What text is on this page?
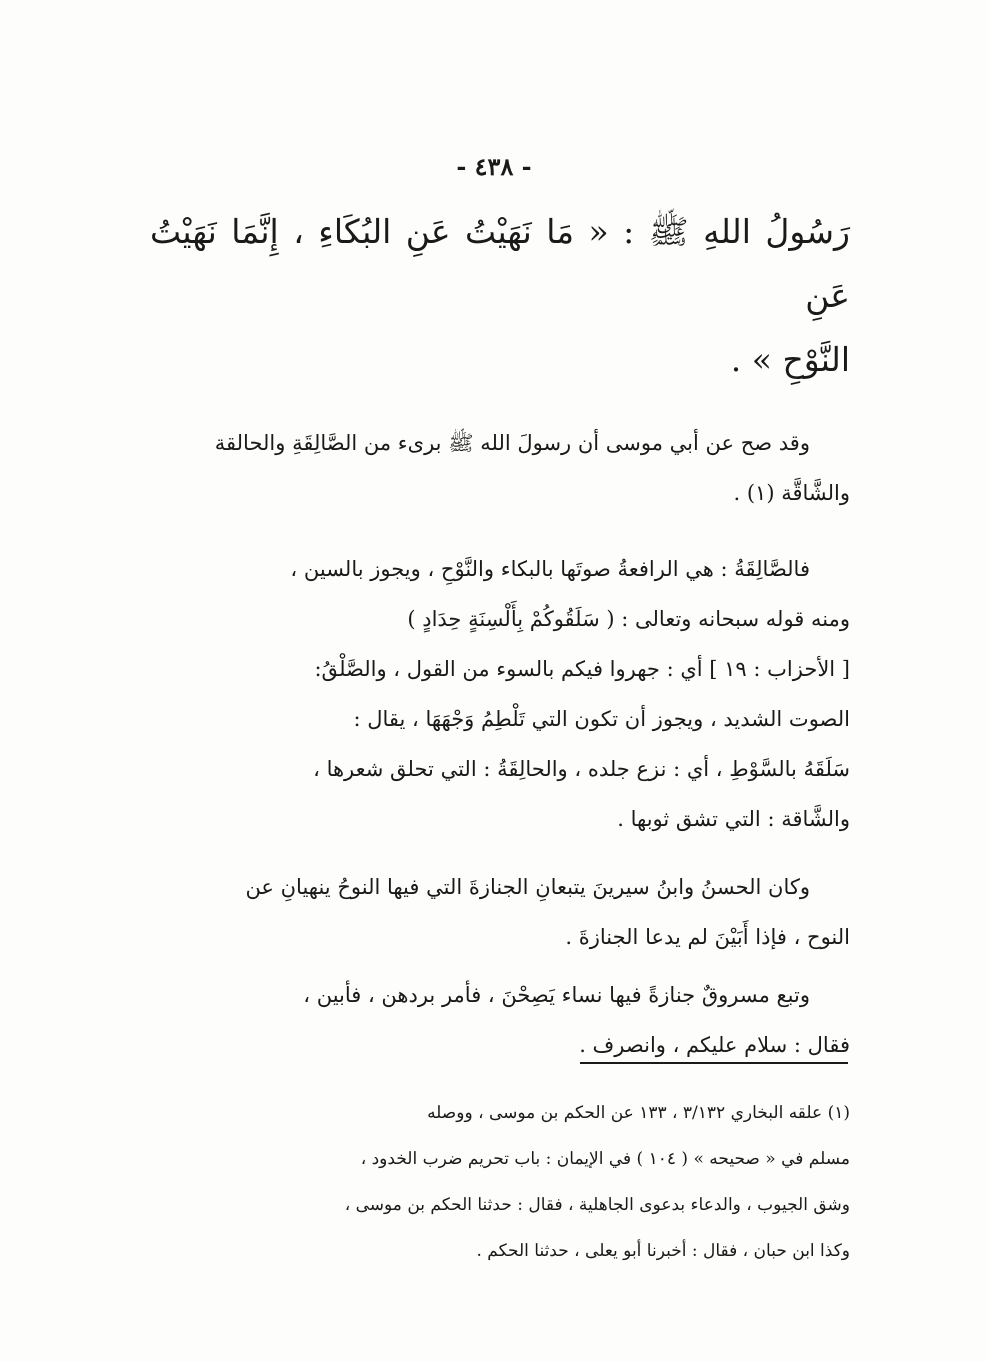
- ٤٣٨ -

رَسُولُ اللهِ ﷺ : « مَا نَهَيْتُ عَنِ البُكَاءِ ، إِنَّمَا نَهَيْتُ عَنِ

النَّوْحِ » .

وقد صح عن أبي موسى أن رسولَ الله ﷺ برىء من الصَّالِقَةِ والحالقة

والشَّاقَّة (١) .

فالصَّالِقَةُ : هي الرافعةُ صوتَها بالبكاء والنَّوْحِ ، ويجوز بالسين ،

ومنه قوله سبحانه وتعالى : ( سَلَقُوكُمْ بِأَلْسِنَةٍ حِدَادٍ )

[ الأحزاب : ١٩ ] أي : جهروا فيكم بالسوء من القول ، والصَّلْقُ:

الصوت الشديد ، ويجوز أن تكون التي تَلْطِمُ وَجْهَهَا ، يقال :

سَلَقَهُ بالسَّوْطِ ، أي : نزع جلده ، والحالِقَةُ : التي تحلق شعرها ،

والشَّاقة : التي تشق ثوبها .

وكان الحسنُ وابنُ سيرينَ يتبعانِ الجنازةَ التي فيها النوحُ ينهيانِ عن

النوح ، فإذا أَبَيْنَ لم يدعا الجنازةَ .

وتبع مسروقٌ جنازةً فيها نساء يَصِحْنَ ، فأمر بردهن ، فأبين ،

فقال : سلام عليكم ، وانصرف .

(١) علقه البخاري ٣/١٣٢ ، ١٣٣ عن الحكم بن موسى ، ووصله

مسلم في « صحيحه » ( ١٠٤ ) في الإيمان : باب تحريم ضرب الخدود ،

وشق الجيوب ، والدعاء بدعوى الجاهلية ، فقال : حدثنا الحكم بن موسى ،

وكذا ابن حبان ، فقال : أخبرنا أبو يعلى ، حدثنا الحكم .
